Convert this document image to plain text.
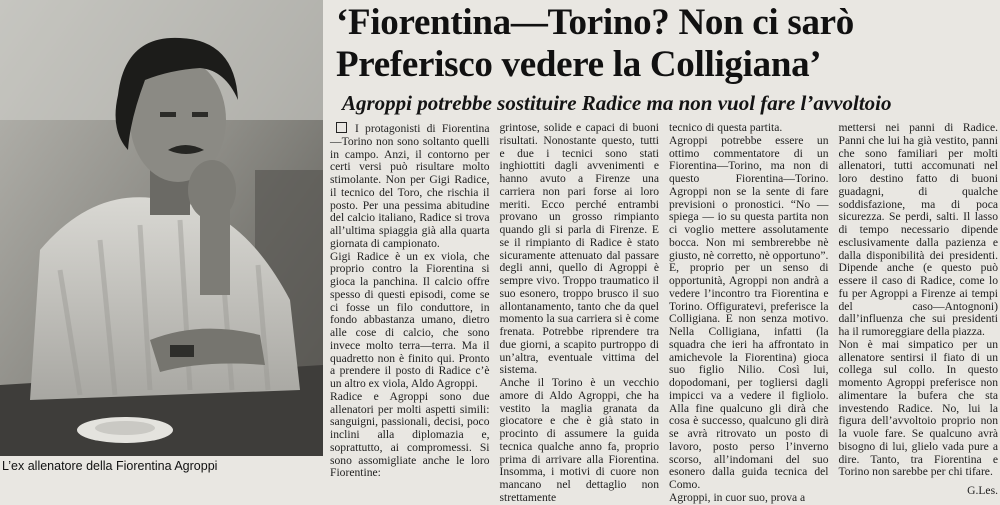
L’ex allenatore della Fiorentina Agroppi
‘Fiorentina—Torino? Non ci sarò
Preferisco vedere la Colligiana’
Agroppi potrebbe sostituire Radice ma non vuol fare l’avvoltoio

I protagonisti di Fiorentina—Torino non sono soltanto quelli in campo. Anzi, il contorno per certi versi può risultare molto stimolante. Non per Gigi Radice, il tecnico del Toro, che rischia il posto. Per una pessima abitudine del calcio italiano, Radice si trova all’ultima spiaggia già alla quarta giornata di campionato.

Gigi Radice è un ex viola, che proprio contro la Fiorentina si gioca la panchina. Il calcio offre spesso di questi episodi, come se ci fosse un filo conduttore, in fondo abbastanza umano, dietro alle cose di calcio, che sono invece molto terra—terra. Ma il quadretto non è finito qui. Pronto a prendere il posto di Radice c’è un altro ex viola, Aldo Agroppi.

Radice e Agroppi sono due allenatori per molti aspetti simili: sanguigni, passionali, decisi, poco inclini alla diplomazia e, soprattutto, ai compromessi. Si sono assomigliate anche le loro Fiorentine:

grintose, solide e capaci di buoni risultati. Nonostante questo, tutti e due i tecnici sono stati inghiottiti dagli avvenimenti e hanno avuto a Firenze una carriera non pari forse ai loro meriti. Ecco perché entrambi provano un grosso rimpianto quando gli si parla di Firenze. E se il rimpianto di Radice è stato sicuramente attenuato dal passare degli anni, quello di Agroppi è sempre vivo. Troppo traumatico il suo esonero, troppo brusco il suo allontanamento, tanto che da quel momento la sua carriera si è come frenata. Potrebbe riprendere tra due giorni, a scapito purtroppo di un’altra, eventuale vittima del sistema.

Anche il Torino è un vecchio amore di Aldo Agroppi, che ha vestito la maglia granata da giocatore e che è già stato in procinto di assumere la guida tecnica qualche anno fa, proprio prima di arrivare alla Fiorentina. Insomma, i motivi di cuore non mancano nel dettaglio non strettamente

tecnico di questa partita.

Agroppi potrebbe essere un ottimo commentatore di un Fiorentina—Torino, ma non di questo Fiorentina—Torino. Agroppi non se la sente di fare previsioni o pronostici. “No — spiega — io su questa partita non ci voglio mettere assolutamente bocca. Non mi sembrerebbe nè giusto, nè corretto, nè opportuno”.

E, proprio per un senso di opportunità, Agroppi non andrà a vedere l’incontro tra Fiorentina e Torino. Offiguratevi, preferisce la Colligiana. E non senza motivo. Nella Colligiana, infatti (la squadra che ieri ha affrontato in amichevole la Fiorentina) gioca suo figlio Nilio. Così lui, dopodomani, per togliersi dagli impicci va a vedere il figliolo. Alla fine qualcuno gli dirà che cosa è successo, qualcuno gli dirà se avrà ritrovato un posto di lavoro, posto perso l’inverno scorso, all’indomani del suo esonero dalla guida tecnica del Como.

Agroppi, in cuor suo, prova a

mettersi nei panni di Radice. Panni che lui ha già vestito, panni che sono familiari per molti allenatori, tutti accomunati nel loro destino fatto di buoni guadagni, di qualche soddisfazione, ma di poca sicurezza. Se perdi, salti. Il lasso di tempo necessario dipende esclusivamente dalla pazienza e dalla disponibilità dei presidenti. Dipende anche (e questo può essere il caso di Radice, come lo fu per Agroppi a Firenze ai tempi del caso—Antognoni) dall’influenza che sui presidenti ha il rumoreggiare della piazza.

Non è mai simpatico per un allenatore sentirsi il fiato di un collega sul collo. In questo momento Agroppi preferisce non alimentare la bufera che sta investendo Radice. No, lui la figura dell’avvoltoio proprio non la vuole fare. Se qualcuno avrà bisogno di lui, glielo vada pure a dire. Tanto, tra Fiorentina e Torino non sarebbe per chi tifare.

G.Les.
